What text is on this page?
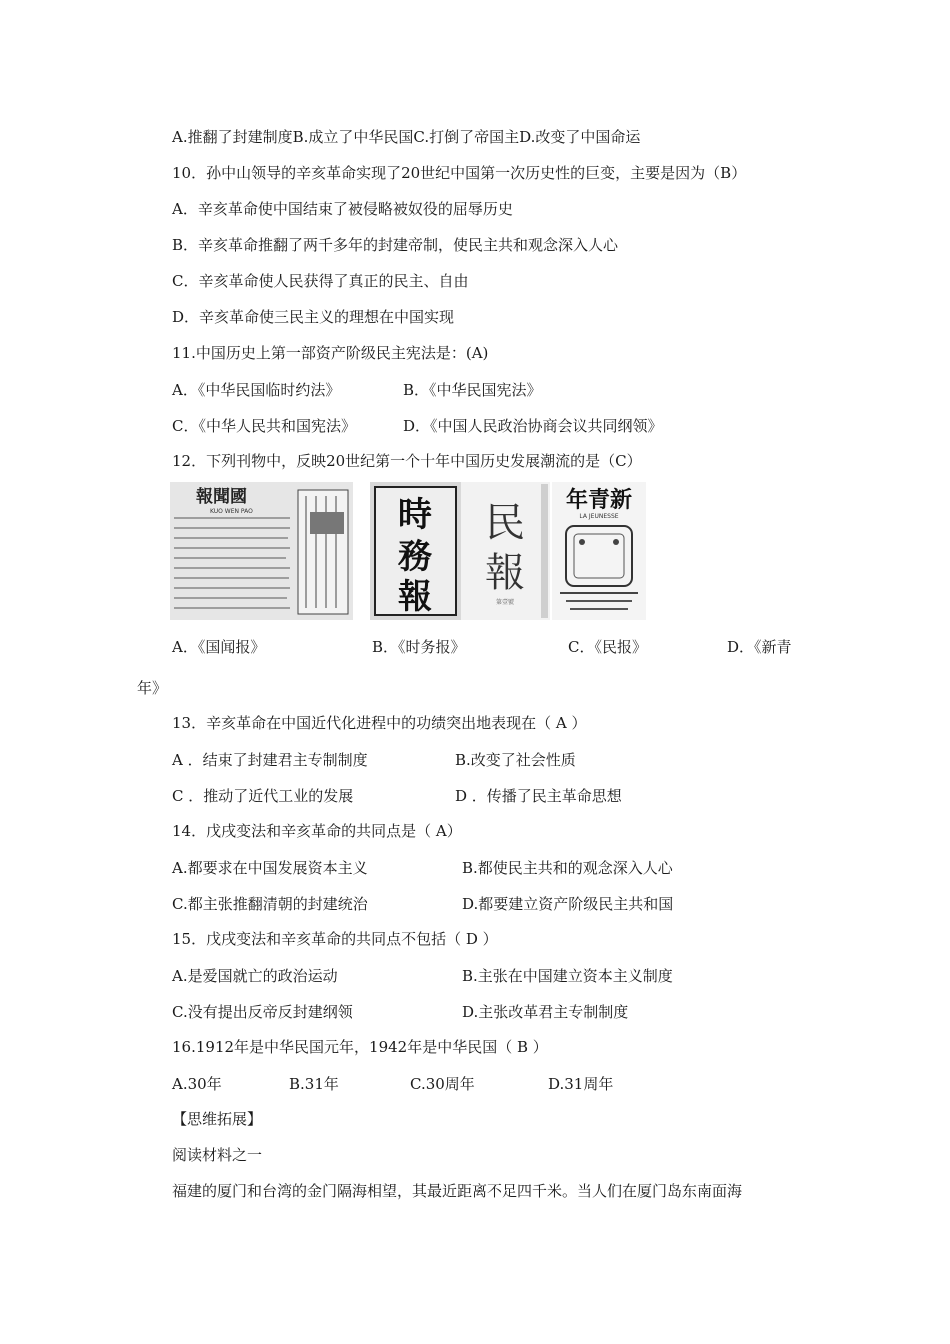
A.推翻了封建制度B.成立了中华民国C.打倒了帝国主D.改变了中国命运
10．孙中山领导的辛亥革命实现了20世纪中国第一次历史性的巨变，主要是因为（B）
A．辛亥革命使中国结束了被侵略被奴役的屈辱历史
B．辛亥革命推翻了两千多年的封建帝制，使民主共和观念深入人心
C．辛亥革命使人民获得了真正的民主、自由
D．辛亥革命使三民主义的理想在中国实现
11.中国历史上第一部资产阶级民主宪法是：(A)
A．《中华民国临时约法》	B．《中华民国宪法》
C．《中华人民共和国宪法》	D．《中国人民政治协商会议共同纲领》
12．下列刊物中，反映20世纪第一个十年中国历史发展潮流的是（C）
報聞國
KUO WEN PAO	時
務
報
民
報
第壹號
年青新
LA JEUNESSE
A．《国闻报》	B．《时务报》	C．《民报》	D．《新青
年》
13．辛亥革命在中国近代化进程中的功绩突出地表现在（ A ）
A ．结束了封建君主专制制度	B.改变了社会性质
C ．推动了近代工业的发展	D ．传播了民主革命思想
14．戊戌变法和辛亥革命的共同点是（ A）
A.都要求在中国发展资本主义	B.都使民主共和的观念深入人心
C.都主张推翻清朝的封建统治	D.都要建立资产阶级民主共和国
15．戊戌变法和辛亥革命的共同点不包括（ D ）
A.是爱国就亡的政治运动	B.主张在中国建立资本主义制度
C.没有提出反帝反封建纲领	D.主张改革君主专制制度
16.1912年是中华民国元年，1942年是中华民国（ B ）
A.30年	B.31年	C.30周年	D.31周年
【思维拓展】
阅读材料之一
福建的厦门和台湾的金门隔海相望，其最近距离不足四千米。当人们在厦门岛东南面海
